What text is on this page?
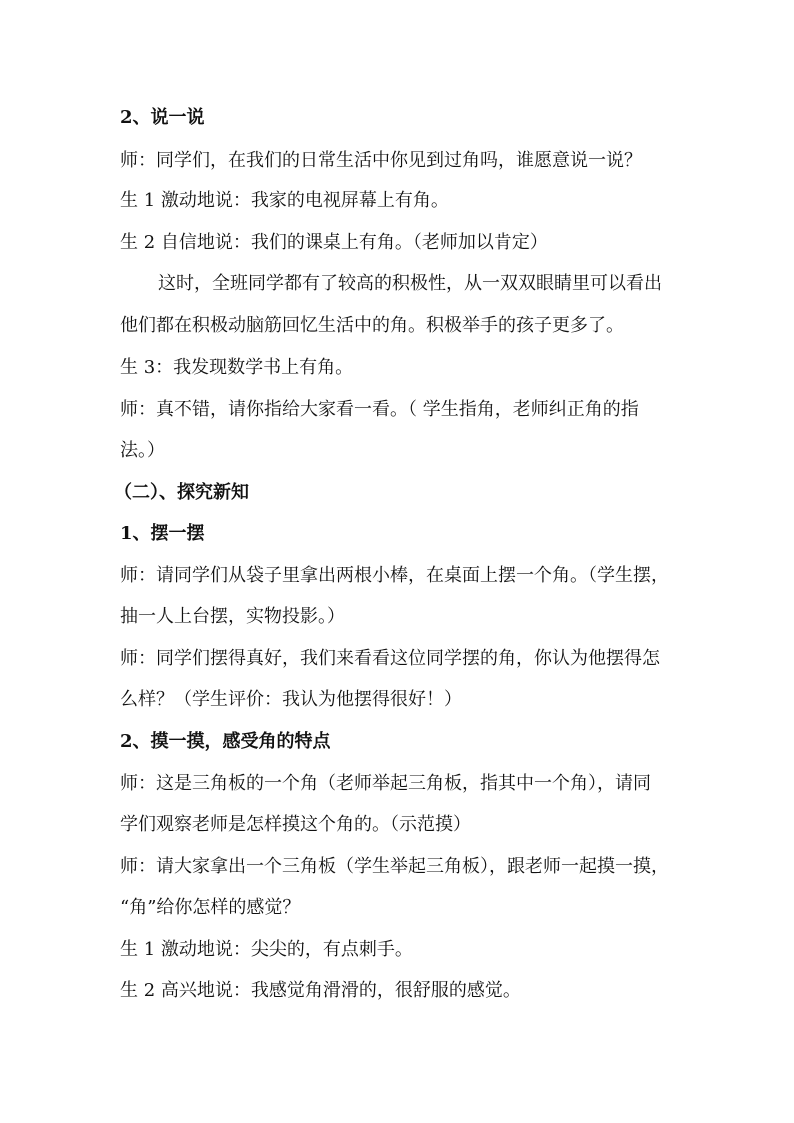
2、说一说
师：同学们，在我们的日常生活中你见到过角吗，谁愿意说一说？
生 1 激动地说：我家的电视屏幕上有角。
生 2 自信地说：我们的课桌上有角。（老师加以肯定）
这时，全班同学都有了较高的积极性，从一双双眼睛里可以看出
他们都在积极动脑筋回忆生活中的角。积极举手的孩子更多了。
生 3：我发现数学书上有角。
师：真不错，请你指给大家看一看。（ 学生指角，老师纠正角的指
法。）
（二）、探究新知
1、摆一摆
师：请同学们从袋子里拿出两根小棒，在桌面上摆一个角。（学生摆，
抽一人上台摆，实物投影。）
师：同学们摆得真好，我们来看看这位同学摆的角，你认为他摆得怎
么样？（学生评价：我认为他摆得很好！）
2、摸一摸，感受角的特点
师：这是三角板的一个角（老师举起三角板，指其中一个角），请同
学们观察老师是怎样摸这个角的。（示范摸）
师：请大家拿出一个三角板（学生举起三角板），跟老师一起摸一摸，
“角”给你怎样的感觉？
生 1 激动地说：尖尖的，有点刺手。
生 2 高兴地说：我感觉角滑滑的，很舒服的感觉。
